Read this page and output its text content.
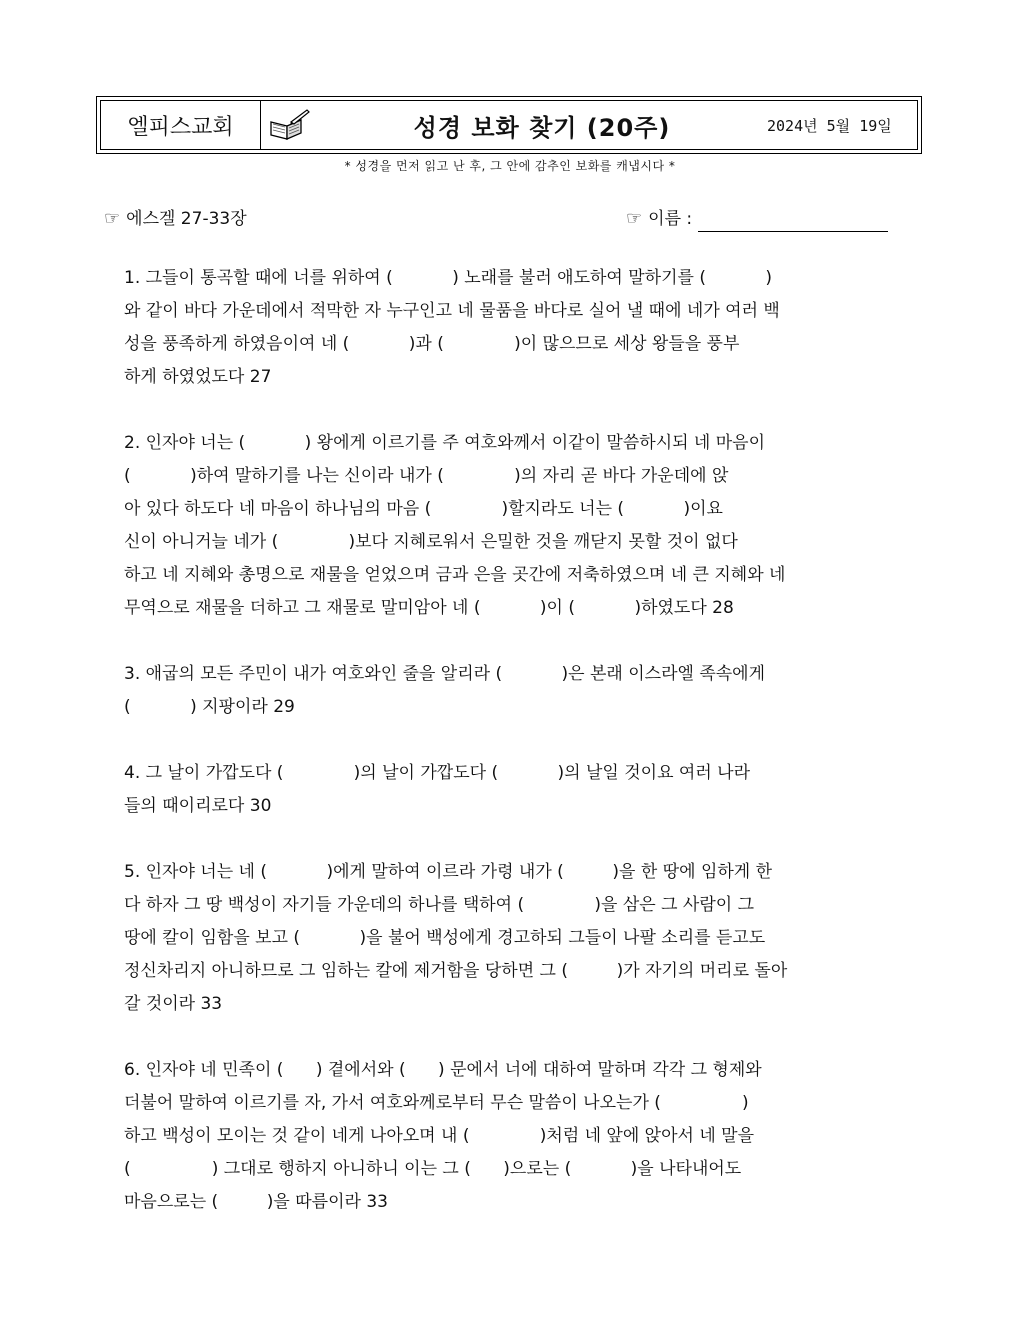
엘피스교회	성경 보화 찾기 (20주)	2024년 5월 19일
* 성경을 먼저 읽고 난 후, 그 안에 감추인 보화를 캐냅시다 *
☞ 에스겔 27-33장	☞ 이름 :
1. 그들이 통곡할 때에 너를 위하여 (           ) 노래를 불러 애도하여 말하기를 (           )
와 같이 바다 가운데에서 적막한 자 누구인고 네 물품을 바다로 실어 낼 때에 네가 여러 백
성을 풍족하게 하였음이여 네 (           )과 (             )이 많으므로 세상 왕들을 풍부
하게 하였었도다 27
2. 인자야 너는 (           ) 왕에게 이르기를 주 여호와께서 이같이 말씀하시되 네 마음이
(           )하여 말하기를 나는 신이라 내가 (             )의 자리 곧 바다 가운데에 앉
아 있다 하도다 네 마음이 하나님의 마음 (             )할지라도 너는 (           )이요
신이 아니거늘 네가 (             )보다 지혜로워서 은밀한 것을 깨닫지 못할 것이 없다
하고 네 지혜와 총명으로 재물을 얻었으며 금과 은을 곳간에 저축하였으며 네 큰 지혜와 네
무역으로 재물을 더하고 그 재물로 말미암아 네 (           )이 (           )하였도다 28
3. 애굽의 모든 주민이 내가 여호와인 줄을 알리라 (           )은 본래 이스라엘 족속에게
(           ) 지팡이라 29
4. 그 날이 가깝도다 (             )의 날이 가깝도다 (           )의 날일 것이요 여러 나라
들의 때이리로다 30
5. 인자야 너는 네 (           )에게 말하여 이르라 가령 내가 (         )을 한 땅에 임하게 한
다 하자 그 땅 백성이 자기들 가운데의 하나를 택하여 (             )을 삼은 그 사람이 그
땅에 칼이 임함을 보고 (           )을 불어 백성에게 경고하되 그들이 나팔 소리를 듣고도
정신차리지 아니하므로 그 임하는 칼에 제거함을 당하면 그 (         )가 자기의 머리로 돌아
갈 것이라 33
6. 인자야 네 민족이 (      ) 곁에서와 (      ) 문에서 너에 대하여 말하며 각각 그 형제와
더불어 말하여 이르기를 자, 가서 여호와께로부터 무슨 말씀이 나오는가 (               )
하고 백성이 모이는 것 같이 네게 나아오며 내 (             )처럼 네 앞에 앉아서 네 말을
(               ) 그대로 행하지 아니하니 이는 그 (      )으로는 (           )을 나타내어도
마음으로는 (         )을 따름이라 33
